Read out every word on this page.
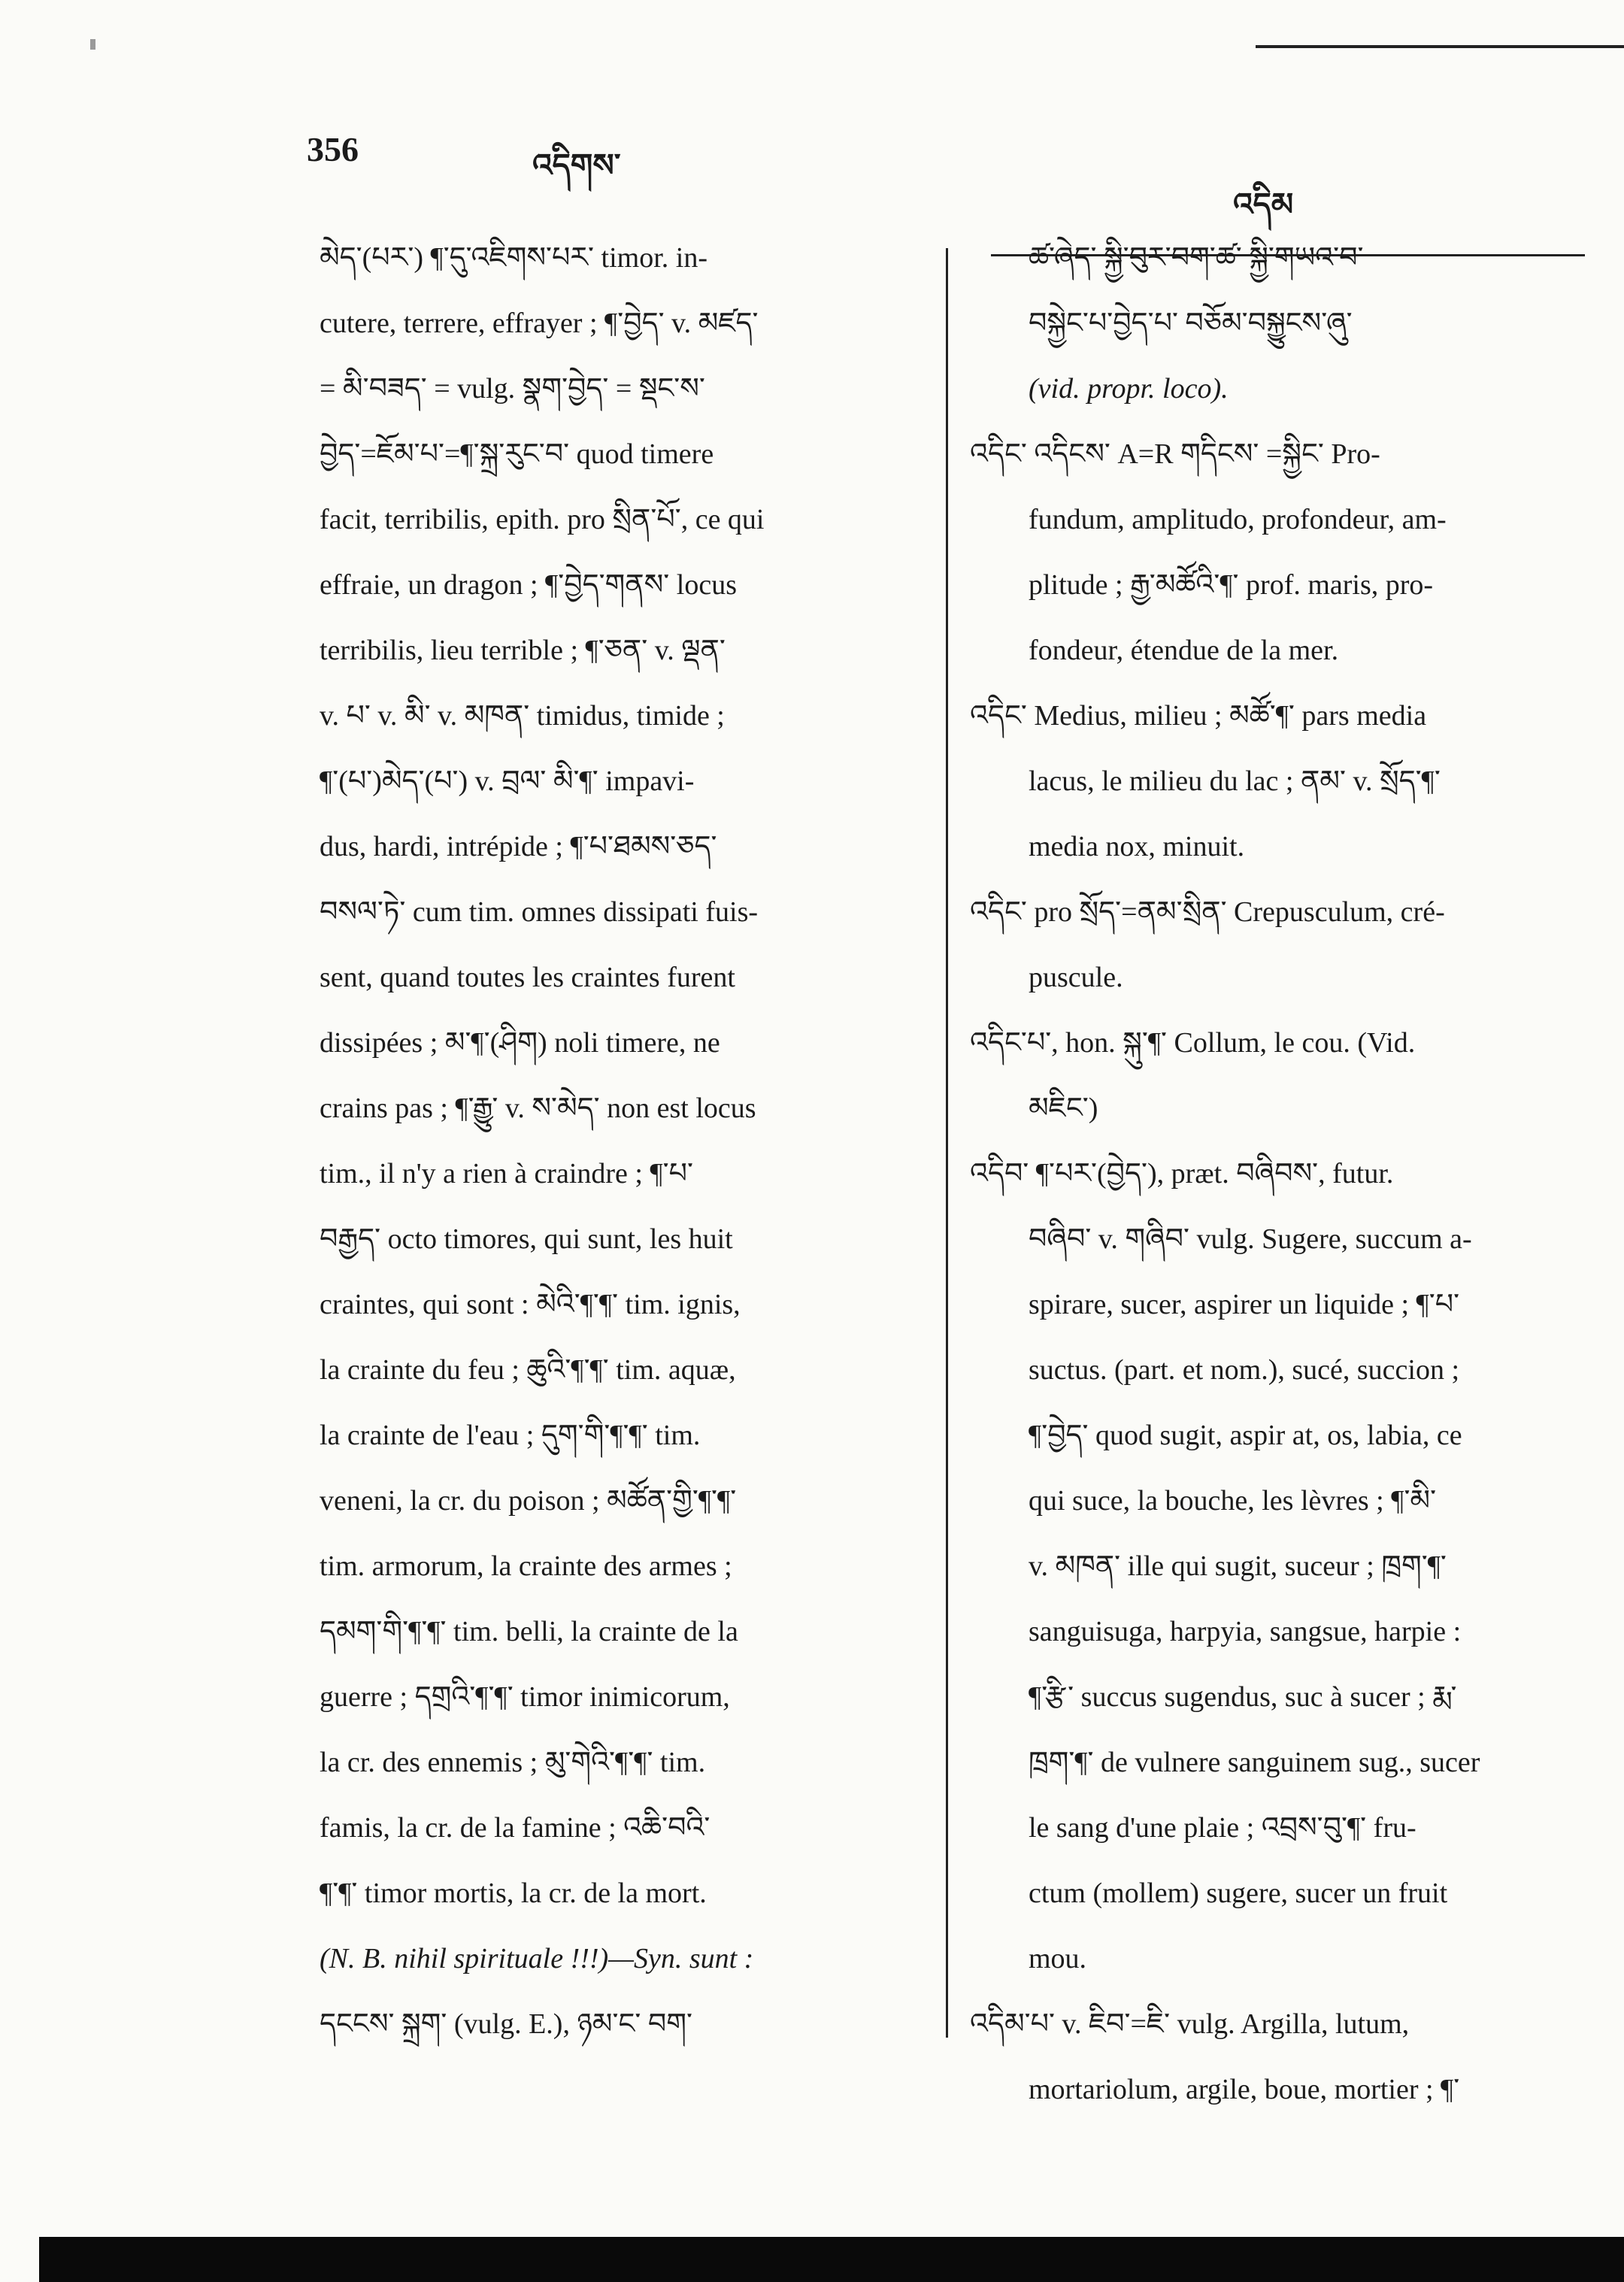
356	འདིགས་
འདིམ
མེད་(པར་) ¶་དུ་འཇིགས་པར་ timor. in-
cutere, terrere, effrayer ; ¶་བྱེད་ v. མཛད་
= མི་བཟད་ = vulg. སྣག་བྱེད་ = སྡང་ས་
བྱེད་=ཇོམ་པ་=¶་སྐྲ་རུང་བ་ quod timere
facit, terribilis, epith. pro སྲིན་པོ་, ce qui
effraie, un dragon ; ¶་བྱེད་གནས་ locus
terribilis, lieu terrible ; ¶་ཅན་ v. ལྡན་
v. པ་ v. མི་ v. མཁན་ timidus, timide ;
¶་(པ་)མེད་(པ་) v. བྲལ་ མི་¶་ impavi-
dus, hardi, intrépide ; ¶་པ་ཐམས་ཅད་
བསལ་ཏེ་ cum tim. omnes dissipati fuis-
sent, quand toutes les craintes furent
dissipées ; མ་¶་(ཤིག) noli timere, ne
crains pas ; ¶་རྒྱུ་ v. ས་མེད་ non est locus
tim., il n'y a rien à craindre ; ¶་པ་
བརྒྱད་ octo timores, qui sunt, les huit
craintes, qui sont : མེའི་¶་¶་ tim. ignis,
la crainte du feu ; ཆུའི་¶་¶་ tim. aquæ,
la crainte de l'eau ; དུག་གི་¶་¶་ tim.
veneni, la cr. du poison ; མཚོན་གྱི་¶་¶་
tim. armorum, la crainte des armes ;
དམག་གི་¶་¶་ tim. belli, la crainte de la
guerre ; དགྲའི་¶་¶་ timor inimicorum,
la cr. des ennemis ; མུ་གེའི་¶་¶་ tim.
famis, la cr. de la famine ; འཆི་བའི་
¶་¶་ timor mortis, la cr. de la mort.
(N. B. nihil spirituale !!!)—Syn. sunt :
དངངས་ སྐྲག་ (vulg. E.), ཉམ་ང་ བག་
ཚ་ཞེད་ སྐྱི་བུར་བག་ཚ་ སྐྱི་གཡའ་བ་
བསྐྱེང་པ་བྱེད་པ་ བཅོམ་བསྐྱུངས་ཞུ་
(vid. propr. loco).
འདིང་ འདིངས་ A=R གདིངས་ =སྐྱིང་ Pro-
fundum, amplitudo, profondeur, am-
plitude ; རྒྱ་མཚོའི་¶་ prof. maris, pro-
fondeur, étendue de la mer.
འདིང་ Medius, milieu ; མཚོ་¶་ pars media
lacus, le milieu du lac ; ནམ་ v. སྲོད་¶་
media nox, minuit.
འདིང་ pro སྲོད་=ནམ་སྲིན་ Crepusculum, cré-
puscule.
འདིང་པ་, hon. སྐུ་¶་ Collum, le cou. (Vid.
མཇིང་)
འདིབ་ ¶་པར་(བྱེད་), præt. བཞིབས་, futur.
བཞིབ་ v. གཞིབ་ vulg. Sugere, succum a-
spirare, sucer, aspirer un liquide ; ¶་པ་
suctus. (part. et nom.), sucé, succion ;
¶་བྱེད་ quod sugit, aspir at, os, labia, ce
qui suce, la bouche, les lèvres ; ¶་མི་
v. མཁན་ ille qui sugit, suceur ; ཁྲག་¶་
sanguisuga, harpyia, sangsue, harpie :
¶་རྩི་ succus sugendus, suc à sucer ; རྨ་
ཁྲག་¶་ de vulnere sanguinem sug., sucer
le sang d'une plaie ; འབྲས་བུ་¶་ fru-
ctum (mollem) sugere, sucer un fruit
mou.
འདིམ་པ་ v. ཇིབ་=ཇི་ vulg. Argilla, lutum,
mortariolum, argile, boue, mortier ; ¶་
